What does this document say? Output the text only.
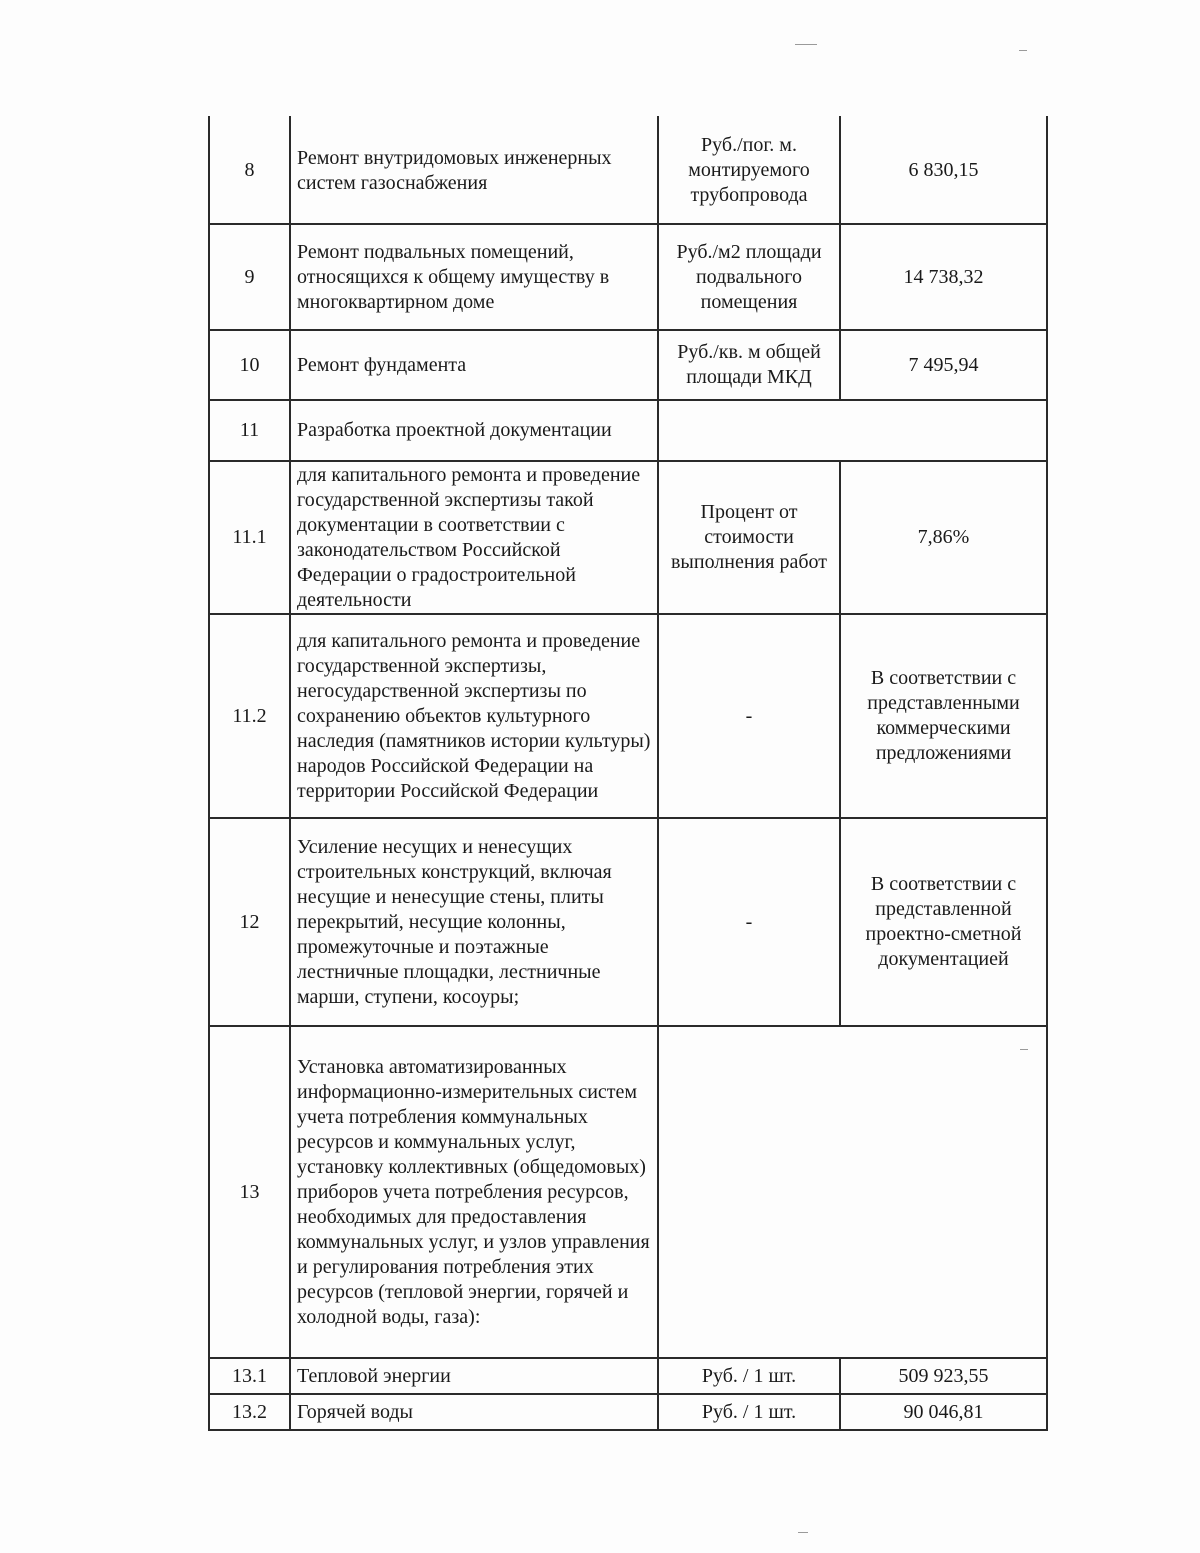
8	Ремонт внутридомовых инженерных систем газоснабжения	Руб./пог. м. монтируемого трубопровода	6 830,15
9	Ремонт подвальных помещений, относящихся к общему имуществу в многоквартирном доме	Руб./м2 площади подвального помещения	14 738,32
10	Ремонт фундамента	Руб./кв. м общей площади МКД	7 495,94
11	Разработка проектной документации		
11.1	для капитального ремонта и проведение государственной экспертизы такой документации в соответствии с законодательством Российской Федерации о градостроительной деятельности	Процент от стоимости выполнения работ	7,86%
11.2	для капитального ремонта и проведение государственной экспертизы, негосударственной экспертизы по сохранению объектов культурного наследия (памятников истории культуры) народов Российской Федерации на территории Российской Федерации	-	В соответствии с представленными коммерческими предложениями
12	Усиление несущих и ненесущих строительных конструкций, включая несущие и ненесущие стены, плиты перекрытий, несущие колонны, промежуточные и поэтажные лестничные площадки, лестничные марши, ступени, косоуры;	-	В соответствии с представленной проектно-сметной документацией
13	Установка автоматизированных информационно-измерительных систем учета потребления коммунальных ресурсов и коммунальных услуг, установку коллективных (общедомовых) приборов учета потребления ресурсов, необходимых для предоставления коммунальных услуг, и узлов управления и регулирования потребления этих ресурсов (тепловой энергии, горячей и холодной воды, газа):		
13.1	Тепловой энергии	Руб. / 1 шт.	509 923,55
13.2	Горячей воды	Руб. / 1 шт.	90 046,81
